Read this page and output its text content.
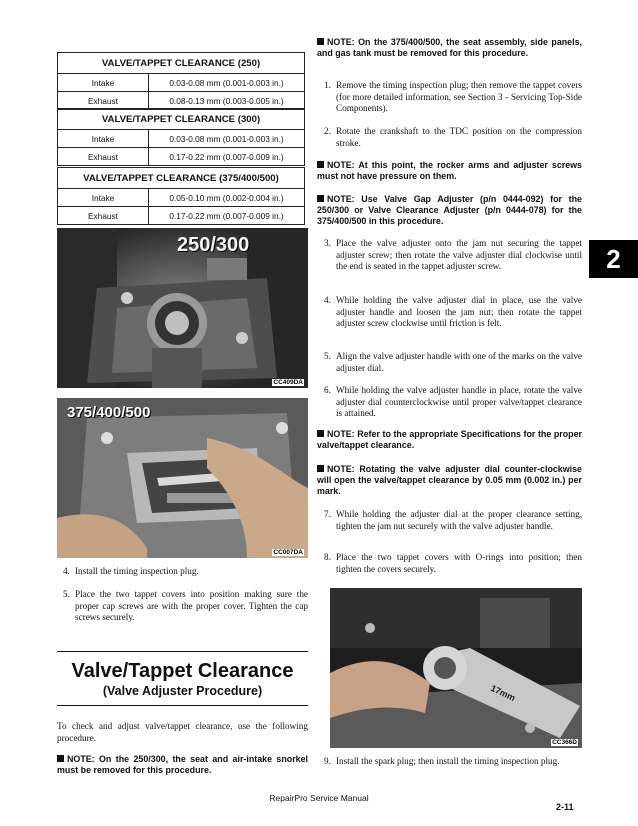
VALVE/TAPPET CLEARANCE (250)	
Intake	0.03-0.08 mm (0.001-0.003 in.)
Exhaust	0.08-0.13 mm (0.003-0.005 in.)
VALVE/TAPPET CLEARANCE (300)	
Intake	0.03-0.08 mm (0.001-0.003 in.)
Exhaust	0.17-0.22 mm (0.007-0.009 in.)
VALVE/TAPPET CLEARANCE (375/400/500)	
Intake	0.05-0.10 mm (0.002-0.004 in.)
Exhaust	0.17-0.22 mm (0.007-0.009 in.)
250/300
CC409DA
375/400/500
CC007DA
4. Install the timing inspection plug.
5. Place the two tappet covers into position making sure the proper cap screws are with the proper cover. Tighten the cap screws securely.
Valve/Tappet Clearance
(Valve Adjuster Procedure)
To check and adjust valve/tappet clearance, use the following procedure.
NOTE: On the 250/300, the seat and air-intake snorkel must be removed for this procedure.
NOTE: On the 375/400/500, the seat assembly, side panels, and gas tank must be removed for this procedure.
1. Remove the timing inspection plug; then remove the tappet covers (for more detailed information, see Section 3 - Servicing Top-Side Components).
2. Rotate the crankshaft to the TDC position on the compression stroke.
NOTE: At this point, the rocker arms and adjuster screws must not have pressure on them.
NOTE: Use Valve Gap Adjuster (p/n 0444-092) for the 250/300 or Valve Clearance Adjuster (p/n 0444-078) for the 375/400/500 in this procedure.
3. Place the valve adjuster onto the jam nut securing the tappet adjuster screw; then rotate the valve adjuster dial clockwise until the end is seated in the tappet adjuster screw.
4. While holding the valve adjuster dial in place, use the valve adjuster handle and loosen the jam nut; then rotate the tappet adjuster screw clockwise until friction is felt.
5. Align the valve adjuster handle with one of the marks on the valve adjuster dial.
6. While holding the valve adjuster handle in place, rotate the valve adjuster dial counterclockwise until proper valve/tappet clearance is attained.
NOTE: Refer to the appropriate Specifications for the proper valve/tappet clearance.
NOTE: Rotating the valve adjuster dial counter-clockwise will open the valve/tappet clearance by 0.05 mm (0.002 in.) per mark.
7. While holding the adjuster dial at the proper clearance setting, tighten the jam nut securely with the valve adjuster handle.
8. Place the two tappet covers with O-rings into position; then tighten the covers securely.
17mm
CC366D
9. Install the spark plug; then install the timing inspection plug.
2
RepairPro Service Manual
2-11
